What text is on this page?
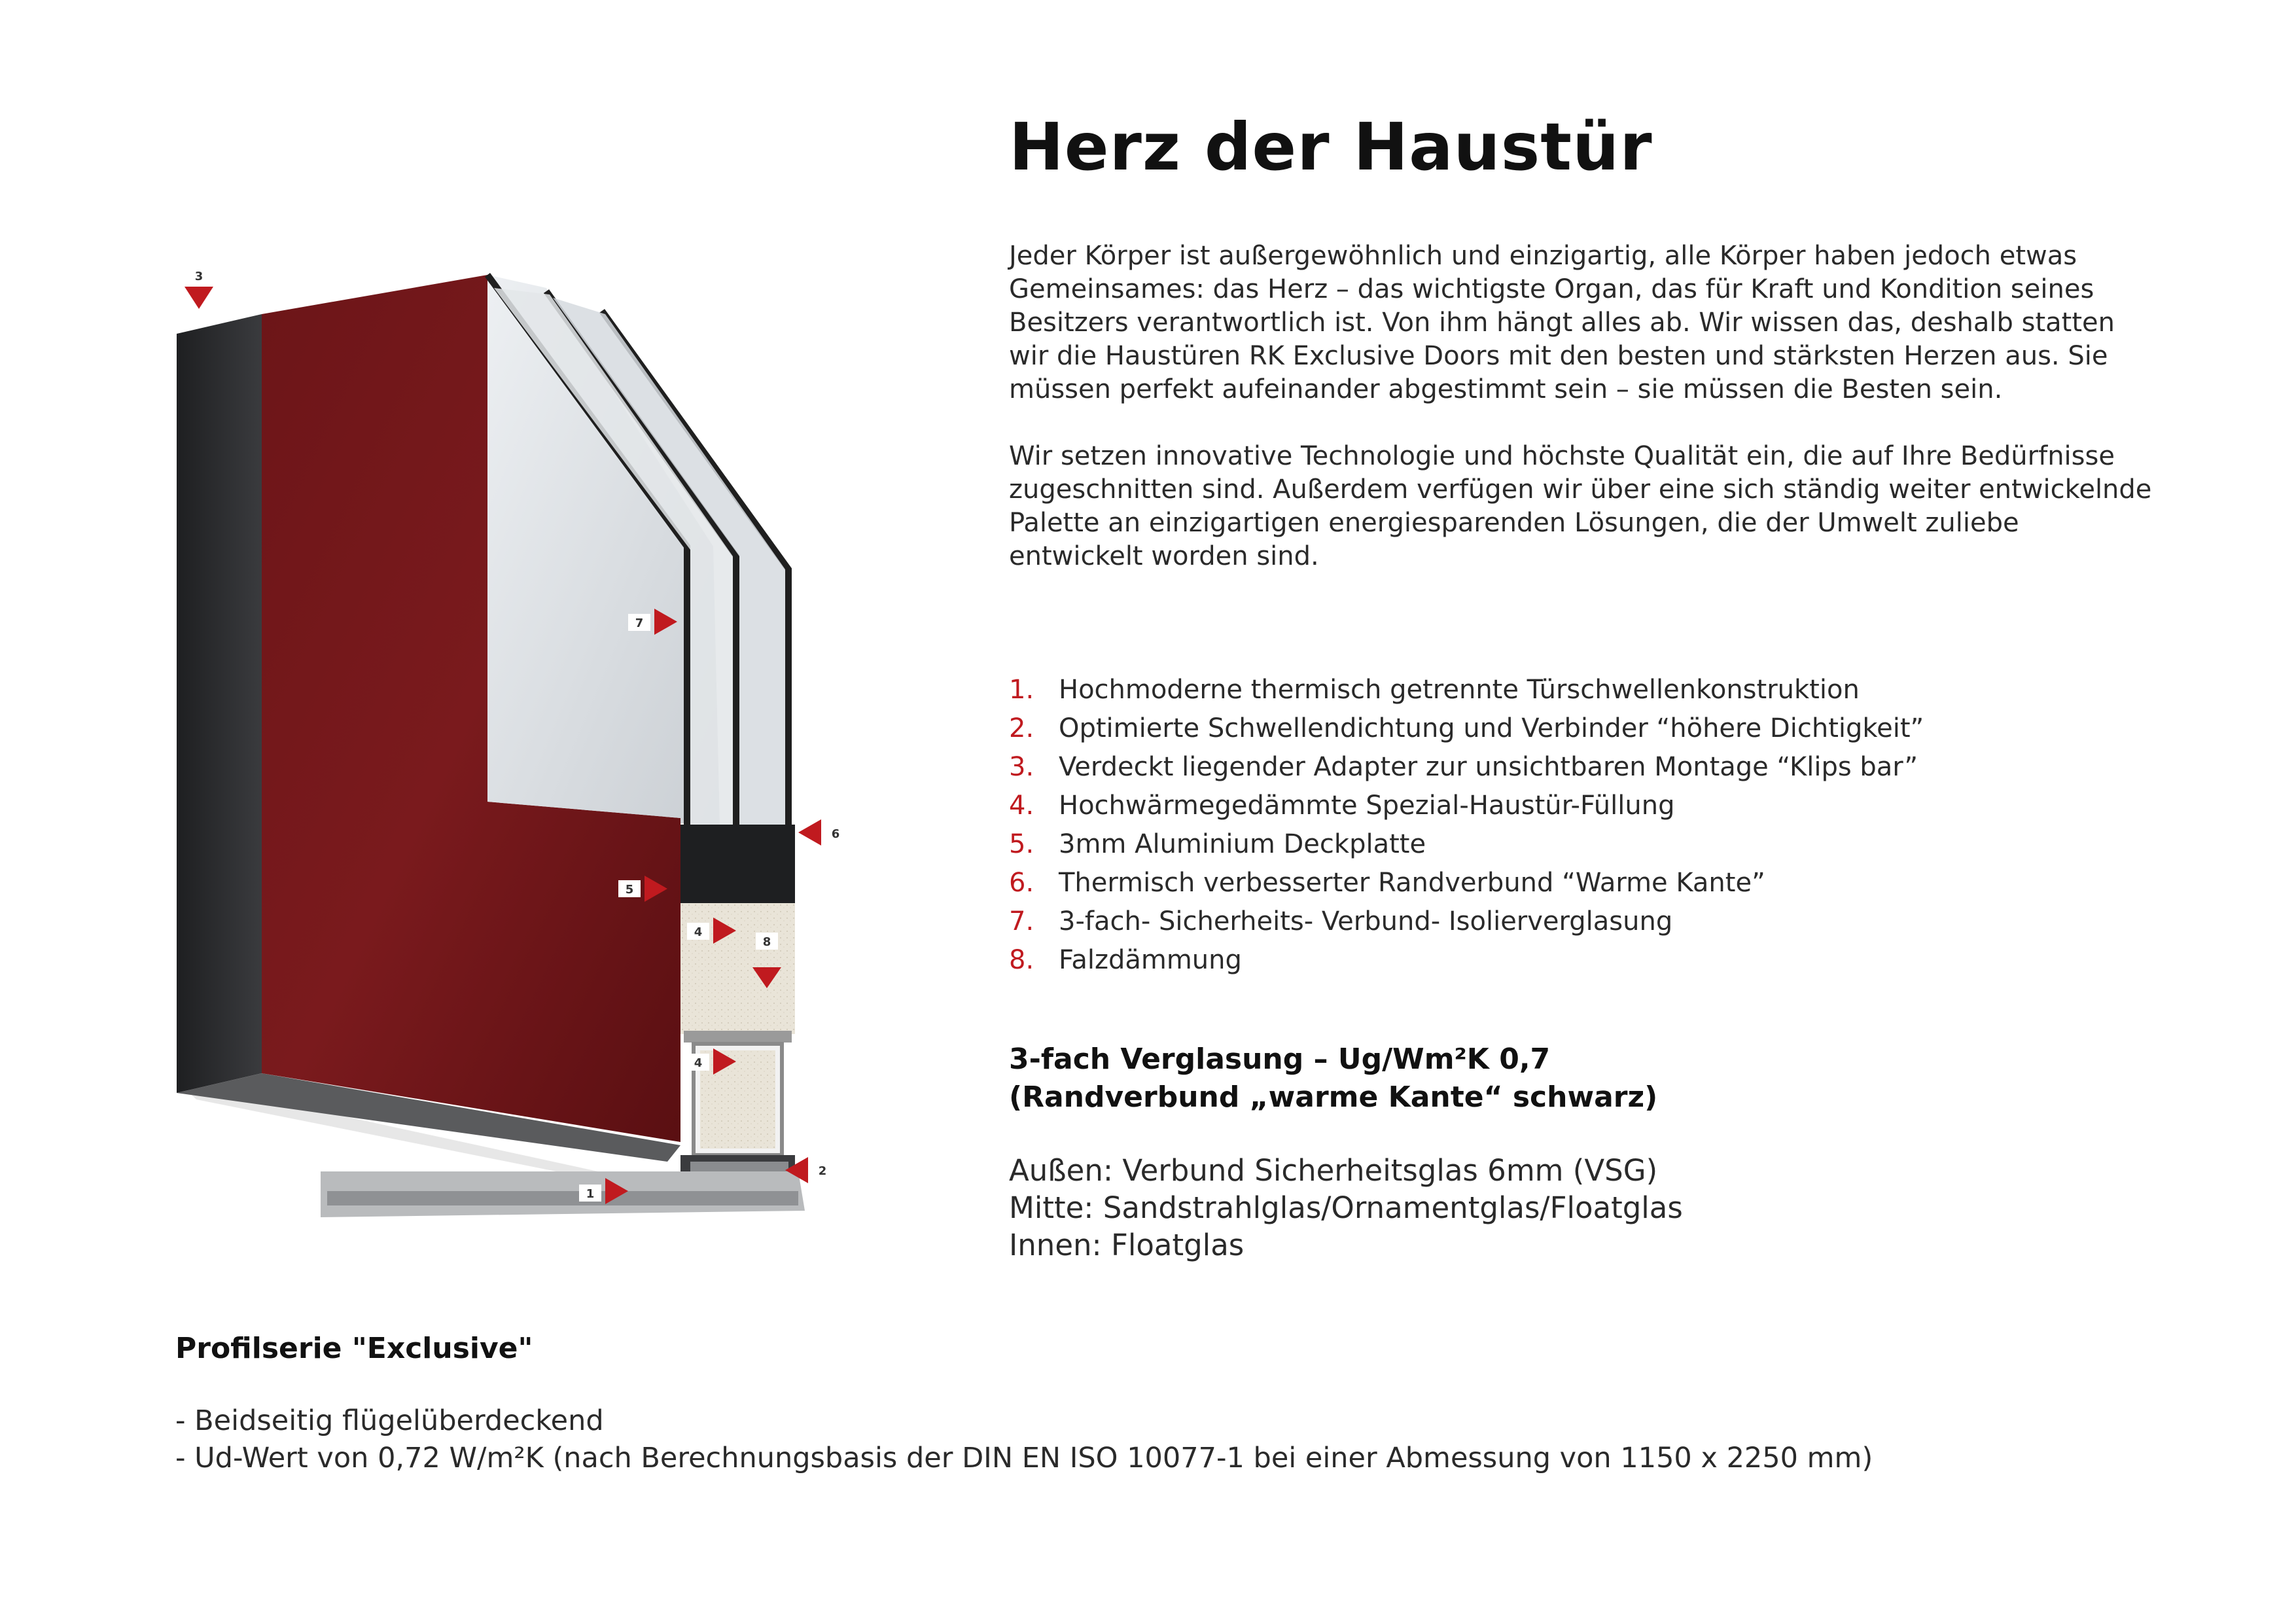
3
7
6
5
4
8
4
1
2
Herz der Haustür

Jeder Körper ist außergewöhnlich und einzigartig, alle Körper haben jedoch etwas
Gemeinsames: das Herz – das wichtigste Organ, das für Kraft und Kondition seines
Besitzers verantwortlich ist. Von ihm hängt alles ab. Wir wissen das, deshalb statten
wir die Haustüren RK Exclusive Doors mit den besten und stärksten Herzen aus. Sie
müssen perfekt aufeinander abgestimmt sein – sie müssen die Besten sein.

Wir setzen innovative Technologie und höchste Qualität ein, die auf Ihre Bedürfnisse
zugeschnitten sind. Außerdem verfügen wir über eine sich ständig weiter entwickelnde
Palette an einzigartigen energiesparenden Lösungen, die der Umwelt zuliebe
entwickelt worden sind.

1. Hochmoderne thermisch getrennte Türschwellenkonstruktion
2. Optimierte Schwellendichtung und Verbinder “höhere Dichtigkeit”
3. Verdeckt liegender Adapter zur unsichtbaren Montage “Klips bar”
4. Hochwärmegedämmte Spezial-Haustür-Füllung
5. 3mm Aluminium Deckplatte
6. Thermisch verbesserter Randverbund “Warme Kante”
7. 3-fach- Sicherheits- Verbund- Isolierverglasung
8. Falzdämmung
3-fach Verglasung – Ug/Wm²K 0,7
(Randverbund „warme Kante“ schwarz)

Außen: Verbund Sicherheitsglas 6mm (VSG)
Mitte: Sandstrahlglas/Ornamentglas/Floatglas
Innen: Floatglas

Profilserie "Exclusive"

- Beidseitig flügelüberdeckend
- Ud-Wert von 0,72 W/m²K (nach Berechnungsbasis der DIN EN ISO 10077-1 bei einer Abmessung von 1150 x 2250 mm)
